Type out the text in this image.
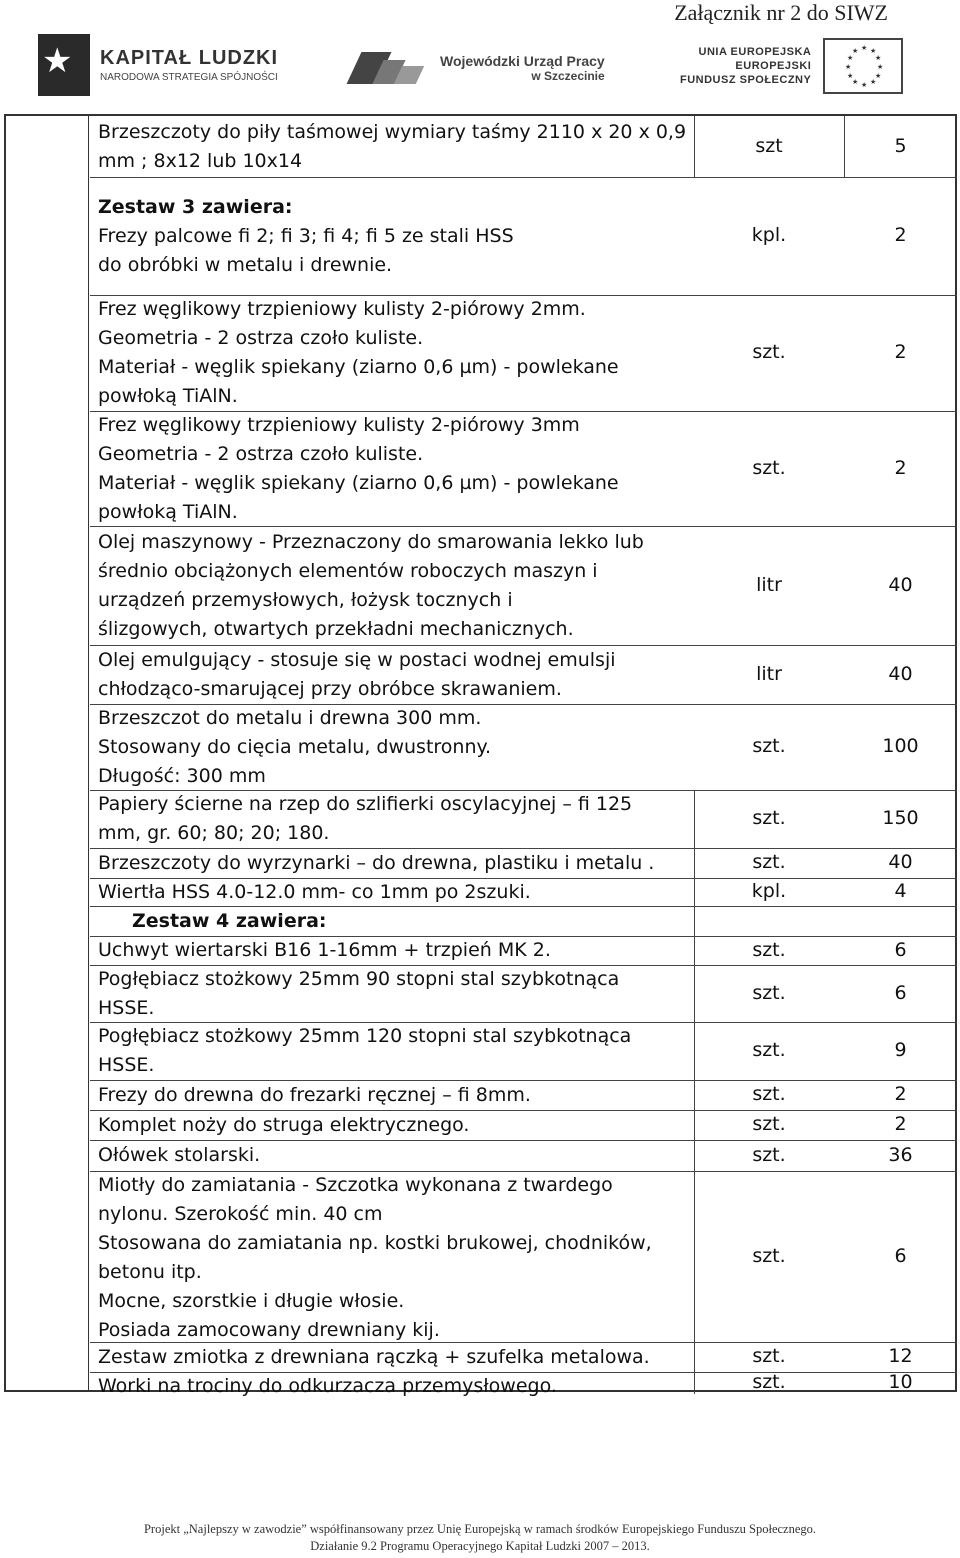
Załącznik nr 2 do SIWZ
★ KAPITAŁ LUDZKI
NARODOWA STRATEGIA SPÓJNOŚCI
Wojewódzki Urząd Pracy
w Szczecinie
UNIA EUROPEJSKA
EUROPEJSKI
FUNDUSZ SPOŁECZNY
★ ★
★
★
★
★
★
★
★
★
★
★
Brzeszczoty do piły taśmowej wymiary taśmy 2110 x 20 x 0,9
mm ; 8x12 lub 10x14
szt	5
Zestaw 3 zawiera:
Frezy palcowe fi 2; fi 3; fi 4; fi 5 ze stali HSS
do obróbki w metalu i drewnie.
kpl.	2
Frez węglikowy trzpieniowy kulisty 2-piórowy 2mm.
Geometria - 2 ostrza czoło kuliste.
Materiał - węglik spiekany (ziarno 0,6 µm) - powlekane
powłoką TiAlN.
szt.	2
Frez węglikowy trzpieniowy kulisty 2-piórowy 3mm
Geometria - 2 ostrza czoło kuliste.
Materiał - węglik spiekany (ziarno 0,6 µm) - powlekane
powłoką TiAlN.
szt.	2
Olej maszynowy - Przeznaczony do smarowania lekko lub
średnio obciążonych elementów roboczych maszyn i
urządzeń przemysłowych, łożysk tocznych i
ślizgowych, otwartych przekładni mechanicznych.
litr	40
Olej emulgujący - stosuje się w postaci wodnej emulsji
chłodząco-smarującej przy obróbce skrawaniem.
litr	40
Brzeszczot do metalu i drewna 300 mm.
Stosowany do cięcia metalu, dwustronny.
Długość: 300 mm
szt.	100
Papiery ścierne na rzep do szlifierki oscylacyjnej – fi 125
mm, gr. 60; 80; 20; 180.
szt.	150
Brzeszczoty do wyrzynarki – do drewna, plastiku i metalu .	szt.	40
Wiertła HSS 4.0-12.0 mm- co 1mm po 2szuki.	kpl.	4
Zestaw 4 zawiera:
Uchwyt wiertarski B16 1-16mm + trzpień MK 2.	szt.	6
Pogłębiacz stożkowy 25mm 90 stopni stal szybkotnąca
HSSE.
szt.	6
Pogłębiacz stożkowy 25mm 120 stopni stal szybkotnąca
HSSE.
szt.	9
Frezy do drewna do frezarki ręcznej – fi 8mm.	szt.	2
Komplet noży do struga elektrycznego.	szt.	2
Ołówek stolarski.	szt.	36
Miotły do zamiatania - Szczotka wykonana z twardego
nylonu. Szerokość min. 40 cm
Stosowana do zamiatania np. kostki brukowej, chodników,
betonu itp.
Mocne, szorstkie i długie włosie.
Posiada zamocowany drewniany kij.
szt.	6
Zestaw zmiotka z drewniana rączką + szufelka metalowa.	szt.	12
Worki na trociny do odkurzacza przemysłowego.	szt.	10
Projekt „Najlepszy w zawodzie” współfinansowany przez Unię Europejską w ramach środków Europejskiego Funduszu Społecznego.
Działanie 9.2 Programu Operacyjnego Kapitał Ludzki 2007 – 2013.
